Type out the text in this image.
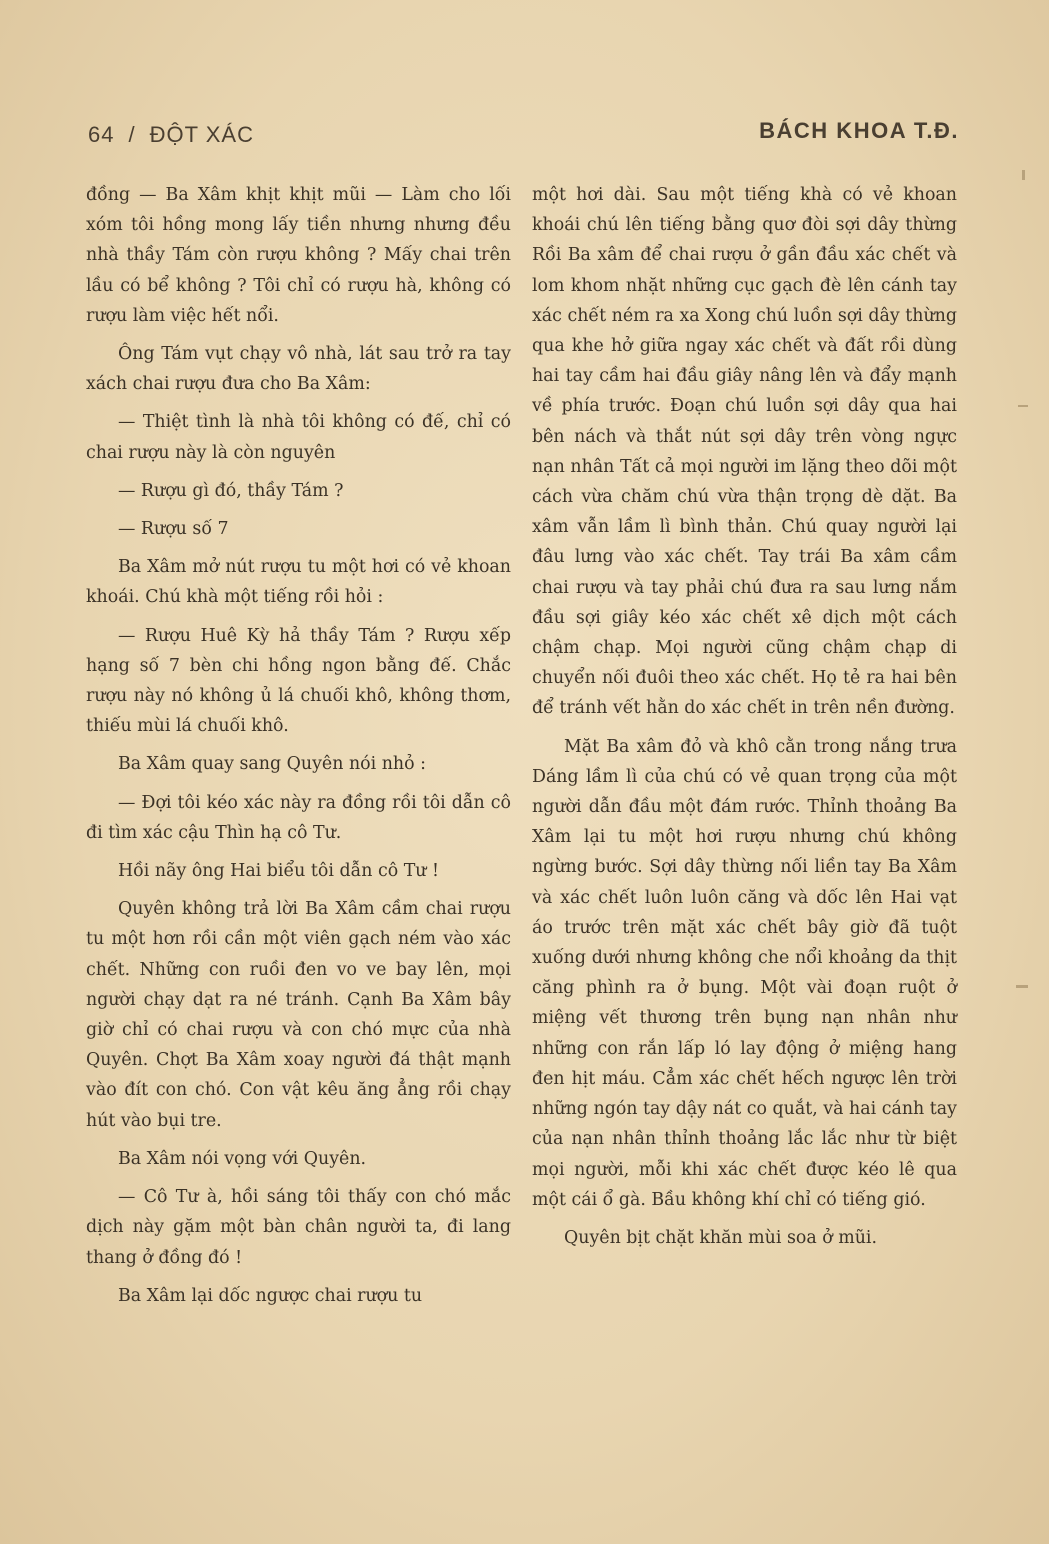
64 / ĐỘT XÁC	BÁCH KHOA T.Đ.

đồng — Ba Xâm khịt khịt mũi — Làm cho lối xóm tôi hồng mong lấy tiền nhưng nhưng đều nhà thầy Tám còn rượu không ? Mấy chai trên lầu có bể không ? Tôi chỉ có rượu hà, không có rượu làm việc hết nổi.

Ông Tám vụt chạy vô nhà, lát sau trở ra tay xách chai rượu đưa cho Ba Xâm:

— Thiệt tình là nhà tôi không có đế, chỉ có chai rượu này là còn nguyên

— Rượu gì đó, thầy Tám ?

— Rượu số 7

Ba Xâm mở nút rượu tu một hơi có vẻ khoan khoái. Chú khà một tiếng rồi hỏi :

— Rượu Huê Kỳ hả thầy Tám ? Rượu xếp hạng số 7 bèn chi hồng ngon bằng đế. Chắc rượu này nó không ủ lá chuối khô, không thơm, thiếu mùi lá chuối khô.

Ba Xâm quay sang Quyên nói nhỏ :

— Đợi tôi kéo xác này ra đồng rồi tôi dẫn cô đi tìm xác cậu Thìn hạ cô Tư.

Hồi nãy ông Hai biểu tôi dẫn cô Tư !

Quyên không trả lời Ba Xâm cầm chai rượu tu một hơn rồi cần một viên gạch ném vào xác chết. Những con ruồi đen vo ve bay lên, mọi người chạy dạt ra né tránh. Cạnh Ba Xâm bây giờ chỉ có chai rượu và con chó mực của nhà Quyên. Chợt Ba Xâm xoay người đá thật mạnh vào đít con chó. Con vật kêu ăng ẳng rồi chạy hút vào bụi tre.

Ba Xâm nói vọng với Quyên.

— Cô Tư à, hồi sáng tôi thấy con chó mắc dịch này gặm một bàn chân người ta, đi lang thang ở đồng đó !

Ba Xâm lại dốc ngược chai rượu tu

một hơi dài. Sau một tiếng khà có vẻ khoan khoái chú lên tiếng bằng quơ đòi sợi dây thừng Rồi Ba xâm để chai rượu ở gần đầu xác chết và lom khom nhặt những cục gạch đè lên cánh tay xác chết ném ra xa Xong chú luồn sợi dây thừng qua khe hở giữa ngay xác chết và đất rồi dùng hai tay cầm hai đầu giây nâng lên và đẩy mạnh về phía trước. Đoạn chú luồn sợi dây qua hai bên nách và thắt nút sợi dây trên vòng ngực nạn nhân Tất cả mọi người im lặng theo dõi một cách vừa chăm chú vừa thận trọng dè dặt. Ba xâm vẫn lầm lì bình thản. Chú quay người lại đâu lưng vào xác chết. Tay trái Ba xâm cầm chai rượu và tay phải chú đưa ra sau lưng nắm đầu sợi giây kéo xác chết xê dịch một cách chậm chạp. Mọi người cũng chậm chạp di chuyển nối đuôi theo xác chết. Họ tẻ ra hai bên để tránh vết hằn do xác chết in trên nền đường.

Mặt Ba xâm đỏ và khô cằn trong nắng trưa Dáng lầm lì của chú có vẻ quan trọng của một người dẫn đầu một đám rước. Thỉnh thoảng Ba Xâm lại tu một hơi rượu nhưng chú không ngừng bước. Sợi dây thừng nối liền tay Ba Xâm và xác chết luôn luôn căng và dốc lên Hai vạt áo trước trên mặt xác chết bây giờ đã tuột xuống dưới nhưng không che nổi khoảng da thịt căng phình ra ở bụng. Một vài đoạn ruột ở miệng vết thương trên bụng nạn nhân như những con rắn lấp ló lay động ở miệng hang đen hịt máu. Cẳm xác chết hếch ngược lên trời những ngón tay dậy nát co quắt, và hai cánh tay của nạn nhân thỉnh thoảng lắc lắc như từ biệt mọi người, mỗi khi xác chết được kéo lê qua một cái ổ gà. Bầu không khí chỉ có tiếng gió.

Quyên bịt chặt khăn mùi soa ở mũi.
